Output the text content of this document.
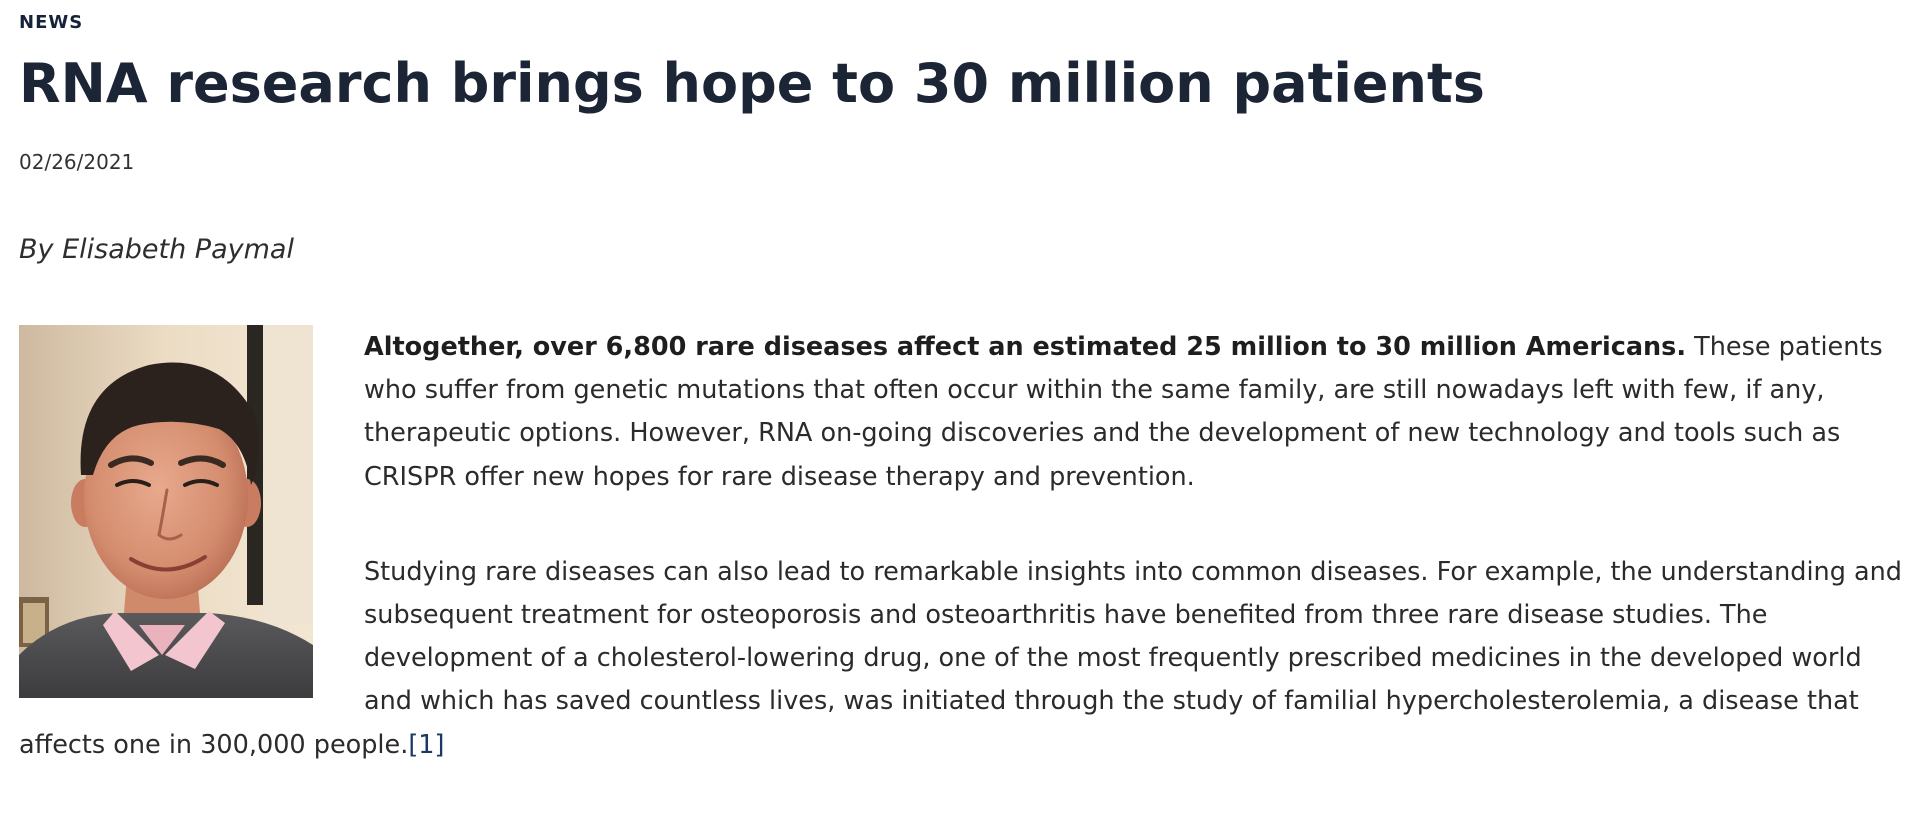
NEWS
RNA research brings hope to 30 million patients
02/26/2021
By Elisabeth Paymal

Altogether, over 6,800 rare diseases affect an estimated 25 million to 30 million Americans. These patients who suffer from genetic mutations that often occur within the same family, are still nowadays left with few, if any, therapeutic options. However, RNA on-going discoveries and the development of new technology and tools such as CRISPR offer new hopes for rare disease therapy and prevention.

Studying rare diseases can also lead to remarkable insights into common diseases. For example, the understanding and subsequent treatment for osteoporosis and osteoarthritis have benefited from three rare disease studies. The development of a cholesterol-lowering drug, one of the most frequently prescribed medicines in the developed world and which has saved countless lives, was initiated through the study of familial hypercholesterolemia, a disease that affects one in 300,000 people.[1]
